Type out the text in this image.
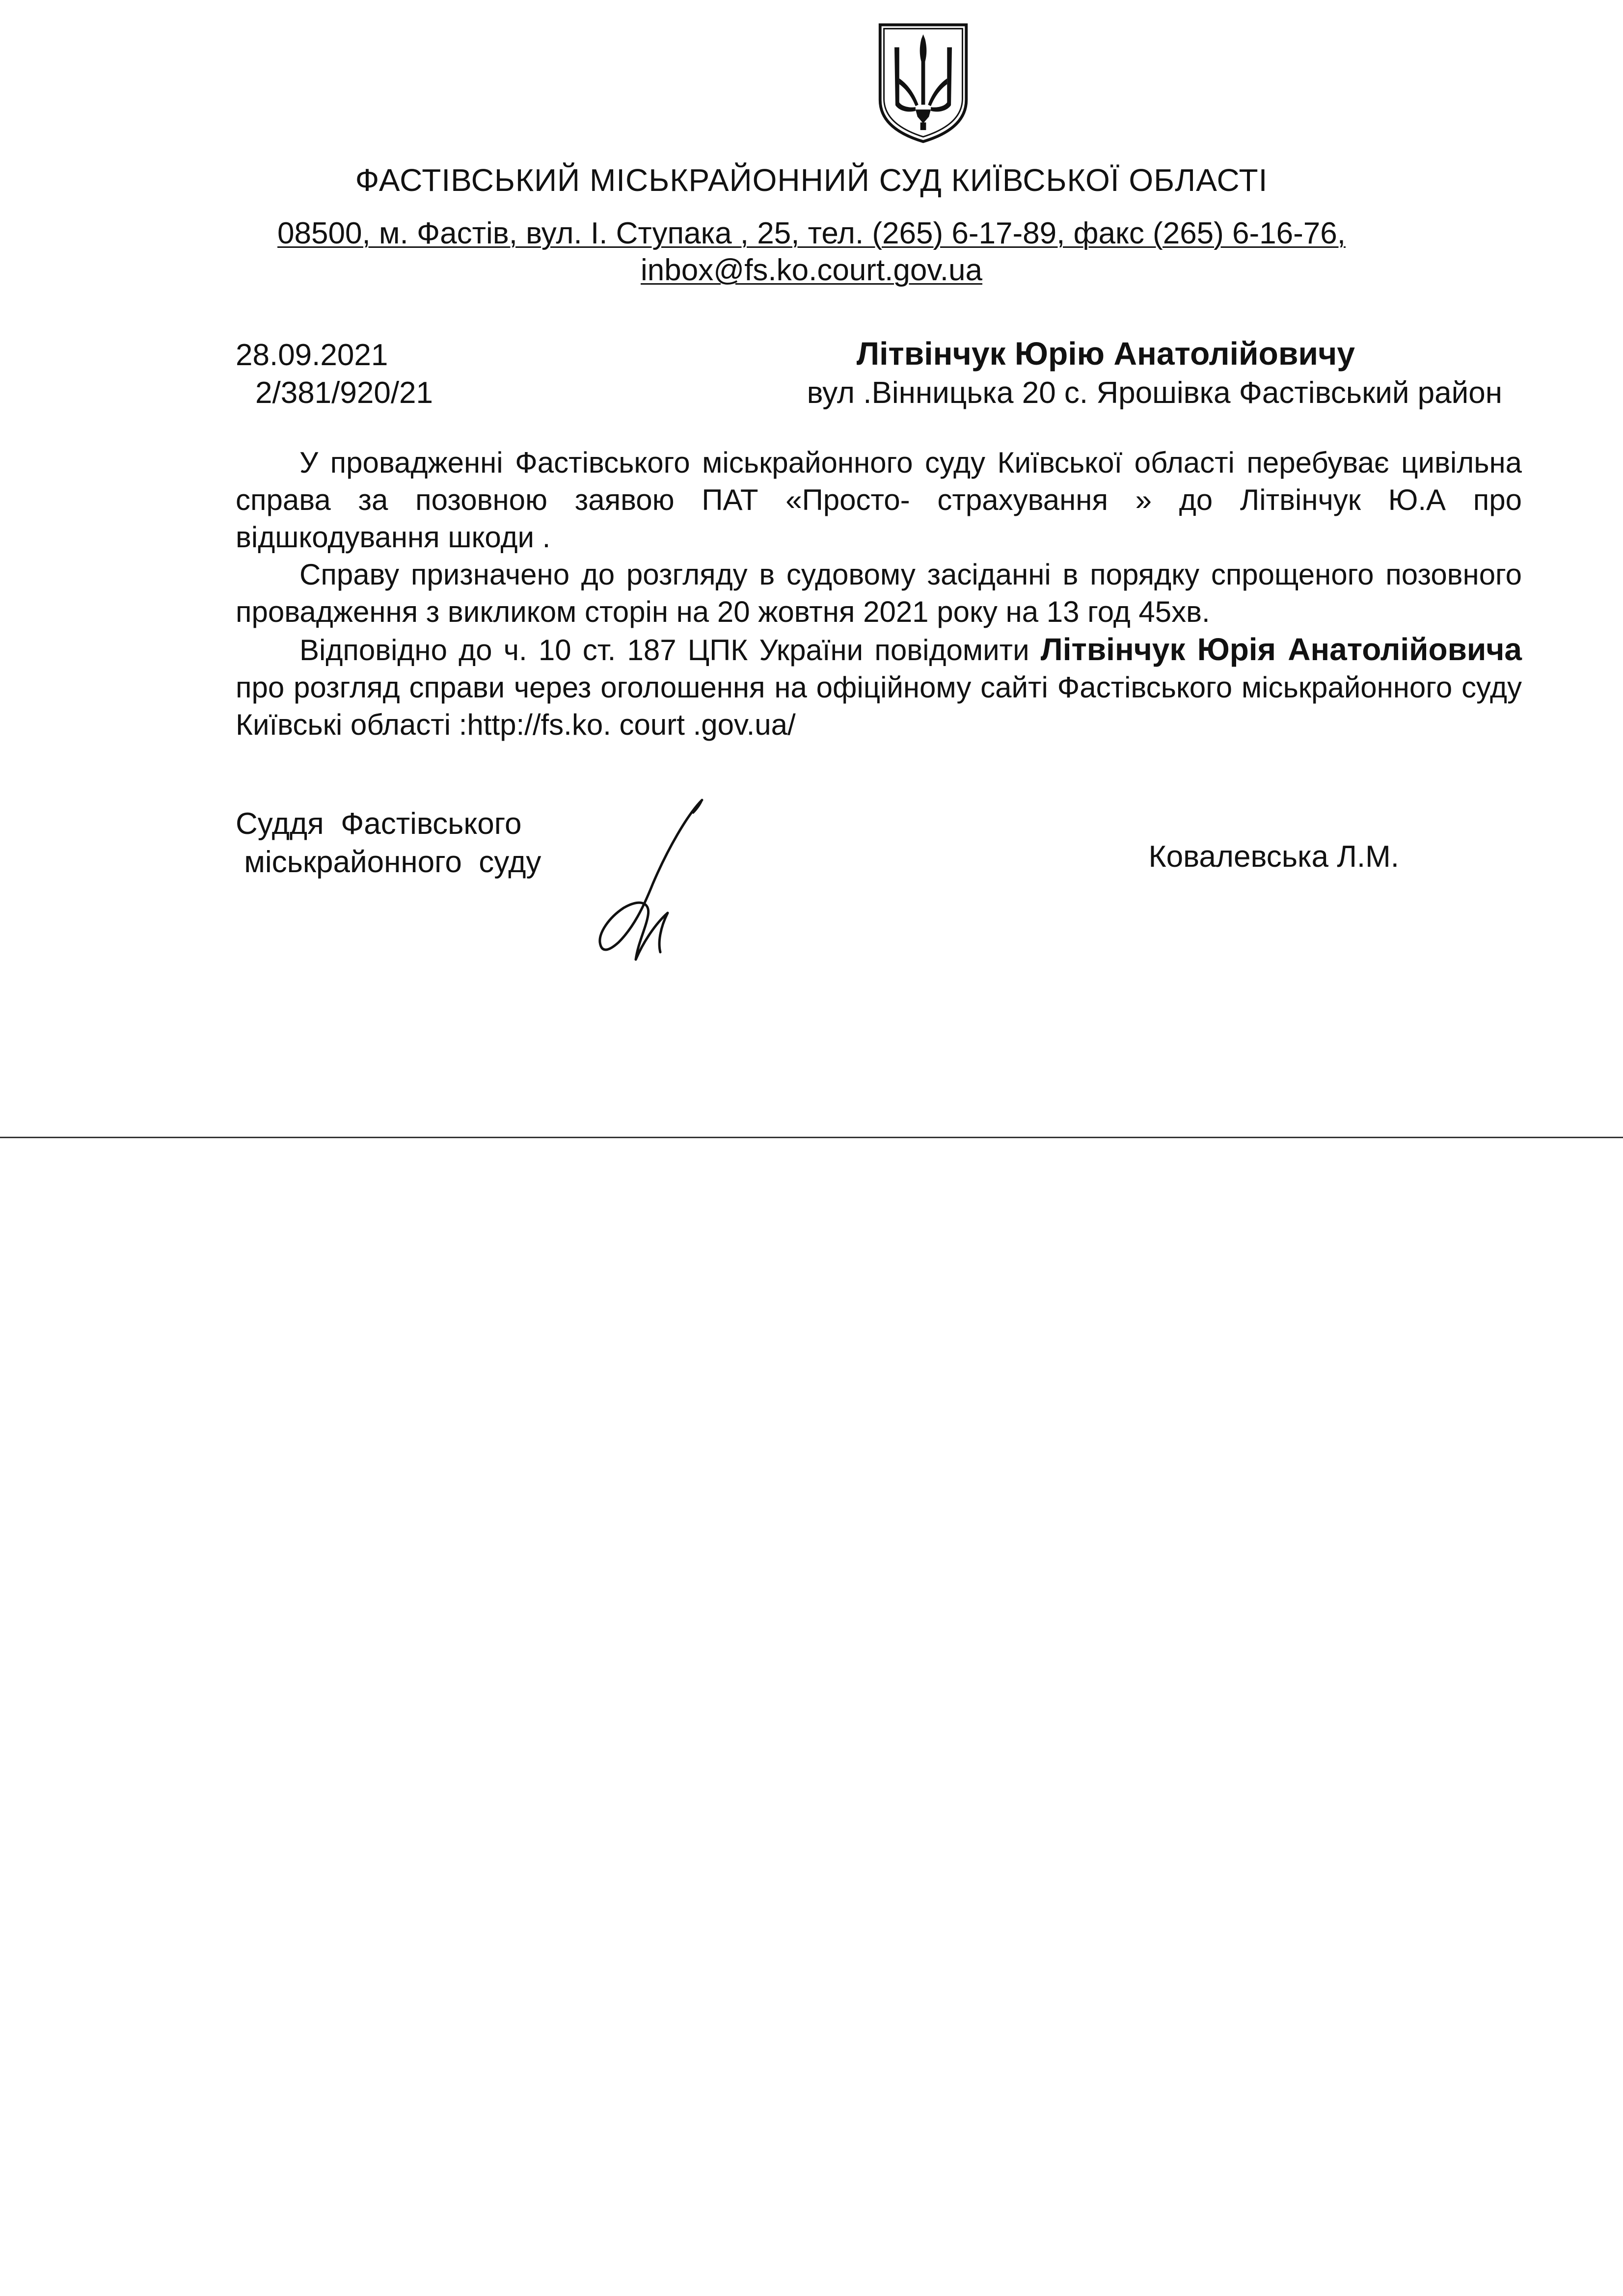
ФАСТІВСЬКИЙ МІСЬКРАЙОННИЙ СУД КИЇВСЬКОЇ ОБЛАСТІ
08500, м. Фастів, вул. І. Ступака , 25, тел. (265) 6-17-89, факс (265) 6-16-76,
inbox@fs.ko.court.gov.ua
28.09.2021
2/381/920/21
Літвінчук Юрію Анатолійовичу
вул .Вінницька 20 с. Ярошівка Фастівський район

У провадженні Фастівського міськрайонного суду Київської області перебуває цивільна справа за позовною заявою ПАТ «Просто- страхування » до Літвінчук Ю.А про відшкодування шкоди .

Справу призначено до розгляду в судовому засіданні в порядку спрощеного позовного провадження з викликом сторін на 20 жовтня 2021 року на 13 год 45хв.

Відповідно до ч. 10 ст. 187 ЦПК України повідомити Літвінчук Юрія Анатолійовича про розгляд справи через оголошення на офіційному сайті Фастівського міськрайонного суду Київські області :http://fs.ko. court .gov.ua/

Суддя  Фастівського
міськрайонного  суду	Ковалевська Л.М.
